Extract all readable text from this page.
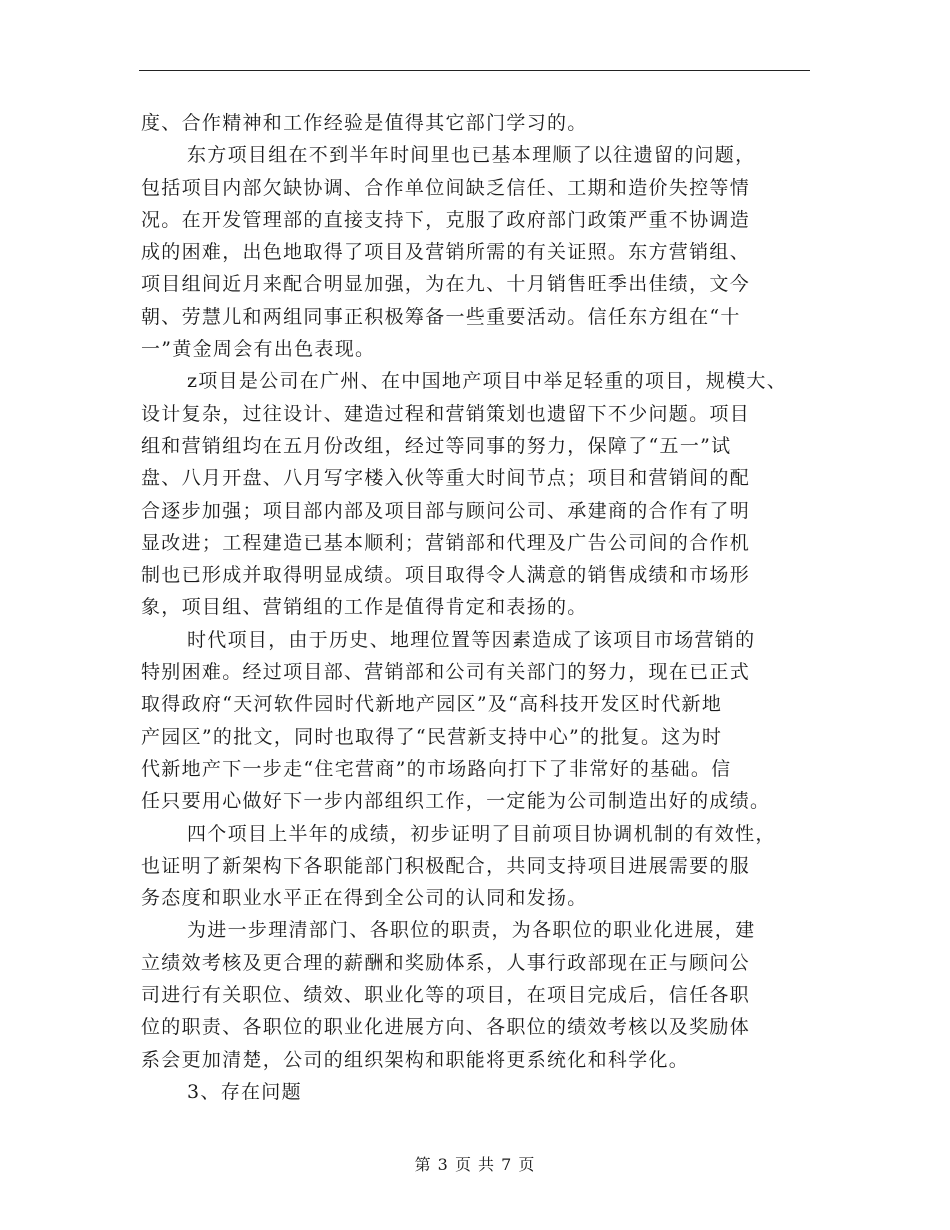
度、合作精神和工作经验是值得其它部门学习的。
东方项目组在不到半年时间里也已基本理顺了以往遗留的问题，
包括项目内部欠缺协调、合作单位间缺乏信任、工期和造价失控等情
况。在开发管理部的直接支持下，克服了政府部门政策严重不协调造
成的困难，出色地取得了项目及营销所需的有关证照。东方营销组、
项目组间近月来配合明显加强，为在九、十月销售旺季出佳绩，文今
朝、劳慧儿和两组同事正积极筹备一些重要活动。信任东方组在“十
一”黄金周会有出色表现。
z项目是公司在广州、在中国地产项目中举足轻重的项目，规模大、
设计复杂，过往设计、建造过程和营销策划也遗留下不少问题。项目
组和营销组均在五月份改组，经过等同事的努力，保障了“五一”试
盘、八月开盘、八月写字楼入伙等重大时间节点；项目和营销间的配
合逐步加强；项目部内部及项目部与顾问公司、承建商的合作有了明
显改进；工程建造已基本顺利；营销部和代理及广告公司间的合作机
制也已形成并取得明显成绩。项目取得令人满意的销售成绩和市场形
象，项目组、营销组的工作是值得肯定和表扬的。
时代项目，由于历史、地理位置等因素造成了该项目市场营销的
特别困难。经过项目部、营销部和公司有关部门的努力，现在已正式
取得政府“天河软件园时代新地产园区”及“高科技开发区时代新地
产园区”的批文，同时也取得了“民营新支持中心”的批复。这为时
代新地产下一步走“住宅营商”的市场路向打下了非常好的基础。信
任只要用心做好下一步内部组织工作，一定能为公司制造出好的成绩。
四个项目上半年的成绩，初步证明了目前项目协调机制的有效性，
也证明了新架构下各职能部门积极配合，共同支持项目进展需要的服
务态度和职业水平正在得到全公司的认同和发扬。
为进一步理清部门、各职位的职责，为各职位的职业化进展，建
立绩效考核及更合理的薪酬和奖励体系，人事行政部现在正与顾问公
司进行有关职位、绩效、职业化等的项目，在项目完成后，信任各职
位的职责、各职位的职业化进展方向、各职位的绩效考核以及奖励体
系会更加清楚，公司的组织架构和职能将更系统化和科学化。
3、存在问题
第 3 页 共 7 页
